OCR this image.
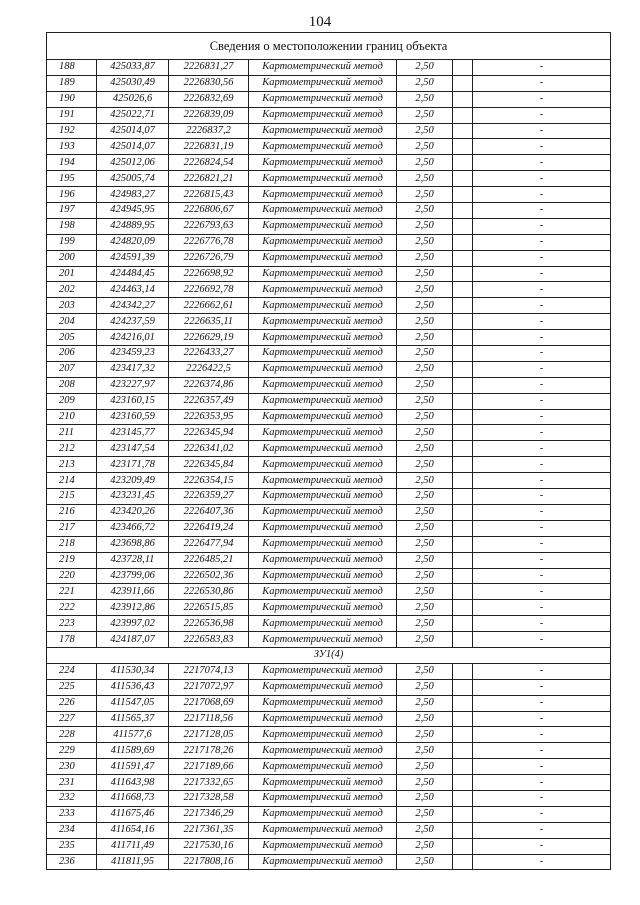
104
Сведения о местоположении границ объекта						
188	425033,87	2226831,27	Картометрический метод	2,50		-
189	425030,49	2226830,56	Картометрический метод	2,50		-
190	425026,6	2226832,69	Картометрический метод	2,50		-
191	425022,71	2226839,09	Картометрический метод	2,50		-
192	425014,07	2226837,2	Картометрический метод	2,50		-
193	425014,07	2226831,19	Картометрический метод	2,50		-
194	425012,06	2226824,54	Картометрический метод	2,50		-
195	425005,74	2226821,21	Картометрический метод	2,50		-
196	424983,27	2226815,43	Картометрический метод	2,50		-
197	424945,95	2226806,67	Картометрический метод	2,50		-
198	424889,95	2226793,63	Картометрический метод	2,50		-
199	424820,09	2226776,78	Картометрический метод	2,50		-
200	424591,39	2226726,79	Картометрический метод	2,50		-
201	424484,45	2226698,92	Картометрический метод	2,50		-
202	424463,14	2226692,78	Картометрический метод	2,50		-
203	424342,27	2226662,61	Картометрический метод	2,50		-
204	424237,59	2226635,11	Картометрический метод	2,50		-
205	424216,01	2226629,19	Картометрический метод	2,50		-
206	423459,23	2226433,27	Картометрический метод	2,50		-
207	423417,32	2226422,5	Картометрический метод	2,50		-
208	423227,97	2226374,86	Картометрический метод	2,50		-
209	423160,15	2226357,49	Картометрический метод	2,50		-
210	423160,59	2226353,95	Картометрический метод	2,50		-
211	423145,77	2226345,94	Картометрический метод	2,50		-
212	423147,54	2226341,02	Картометрический метод	2,50		-
213	423171,78	2226345,84	Картометрический метод	2,50		-
214	423209,49	2226354,15	Картометрический метод	2,50		-
215	423231,45	2226359,27	Картометрический метод	2,50		-
216	423420,26	2226407,36	Картометрический метод	2,50		-
217	423466,72	2226419,24	Картометрический метод	2,50		-
218	423698,86	2226477,94	Картометрический метод	2,50		-
219	423728,11	2226485,21	Картометрический метод	2,50		-
220	423799,06	2226502,36	Картометрический метод	2,50		-
221	423911,66	2226530,86	Картометрический метод	2,50		-
222	423912,86	2226515,85	Картометрический метод	2,50		-
223	423997,02	2226536,98	Картометрический метод	2,50		-
178	424187,07	2226583,83	Картометрический метод	2,50		-
ЗУ1(4)						
224	411530,34	2217074,13	Картометрический метод	2,50		-
225	411536,43	2217072,97	Картометрический метод	2,50		-
226	411547,05	2217068,69	Картометрический метод	2,50		-
227	411565,37	2217118,56	Картометрический метод	2,50		-
228	411577,6	2217128,05	Картометрический метод	2,50		-
229	411589,69	2217178,26	Картометрический метод	2,50		-
230	411591,47	2217189,66	Картометрический метод	2,50		-
231	411643,98	2217332,65	Картометрический метод	2,50		-
232	411668,73	2217328,58	Картометрический метод	2,50		-
233	411675,46	2217346,29	Картометрический метод	2,50		-
234	411654,16	2217361,35	Картометрический метод	2,50		-
235	411711,49	2217530,16	Картометрический метод	2,50		-
236	411811,95	2217808,16	Картометрический метод	2,50		-
